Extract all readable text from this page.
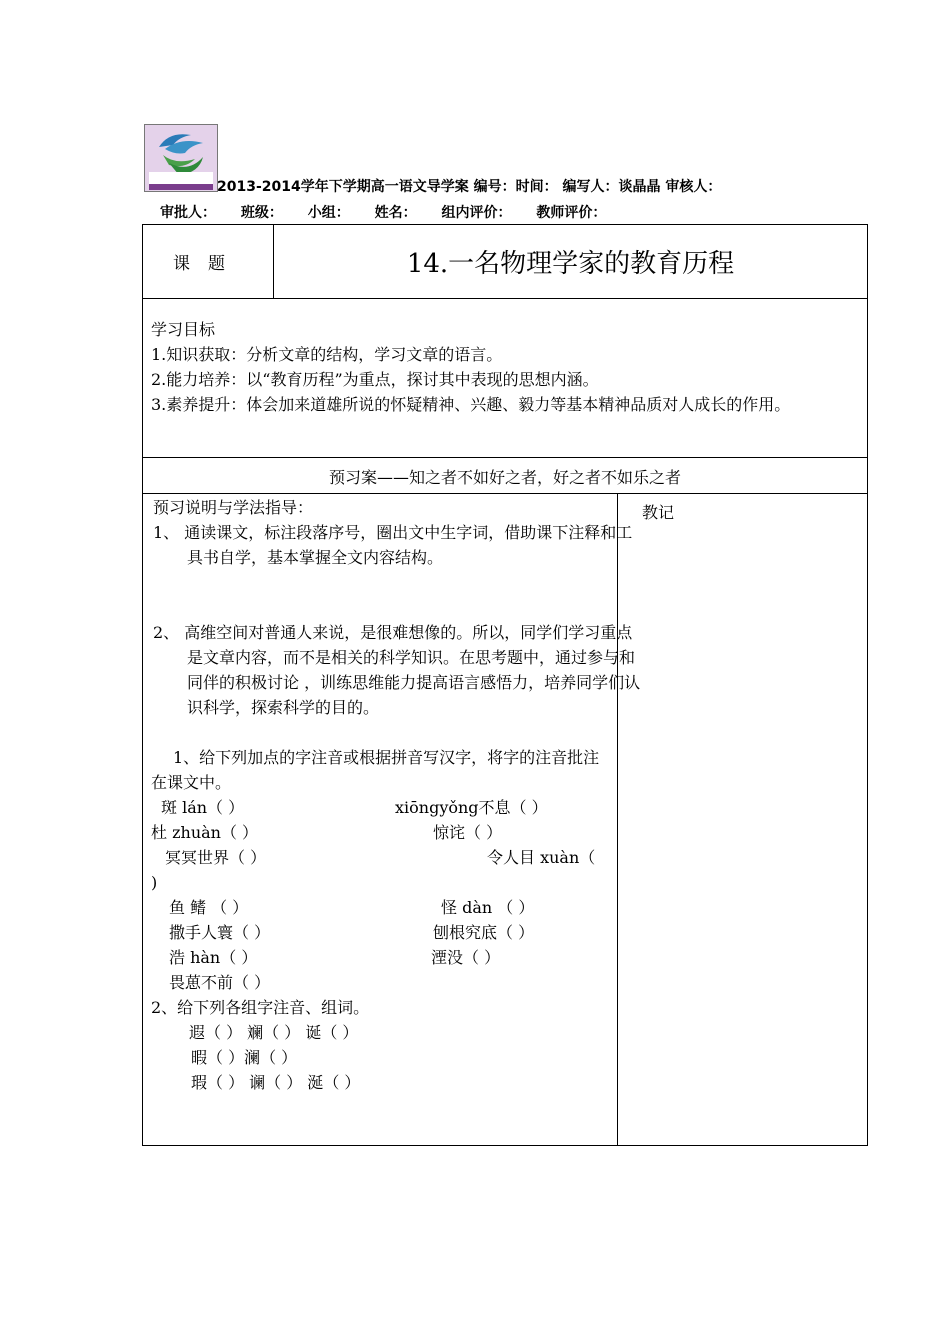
2013-2014学年下学期高一语文导学案 编号：时间： 编写人：谈晶晶 审核人：
审批人： 班级： 小组： 姓名： 组内评价： 教师评价：
课题	14.一名物理学家的教育历程

学习目标

1.知识获取：分析文章的结构，学习文章的语言。

2.能力培养：以“教育历程”为重点，探讨其中表现的思想内涵。

3.素养提升：体会加来道雄所说的怀疑精神、兴趣、毅力等基本精神品质对人成长的作用。

预习案——知之者不如好之者，好之者不如乐之者
预习说明与学法指导：
1、 通读课文，标注段落序号，圈出文中生字词，借助课下注释和工具书自学，基本掌握全文内容结构。
2、 高维空间对普通人来说，是很难想像的。所以，同学们学习重点是文章内容，而不是相关的科学知识。在思考题中，通过参与和同伴的积极讨论 ，训练思维能力提高语言感悟力，培养同学们认识科学，探索科学的目的。
1、给下列加点的字注音或根据拼音写汉字，将字的注音批注在课文中。
斑 lán（ ）	xiōngyǒng不息（ ）
杜 zhuàn（ ）	惊诧（ ）
冥冥世界（ ）	令人目 xuàn（
)
鱼 鳍 （ ）	怪 dàn （ ）
撒手人寰（ ）	刨根究底（ ）
浩 hàn（ ）	湮没（ ）
畏葸不前（ ）
2、给下列各组字注音、组词。
遐（ ） 斓（ ） 诞（ ）
暇（ ）澜（ ）
瑕（ ） 谰（ ） 涎（ ）
教记
